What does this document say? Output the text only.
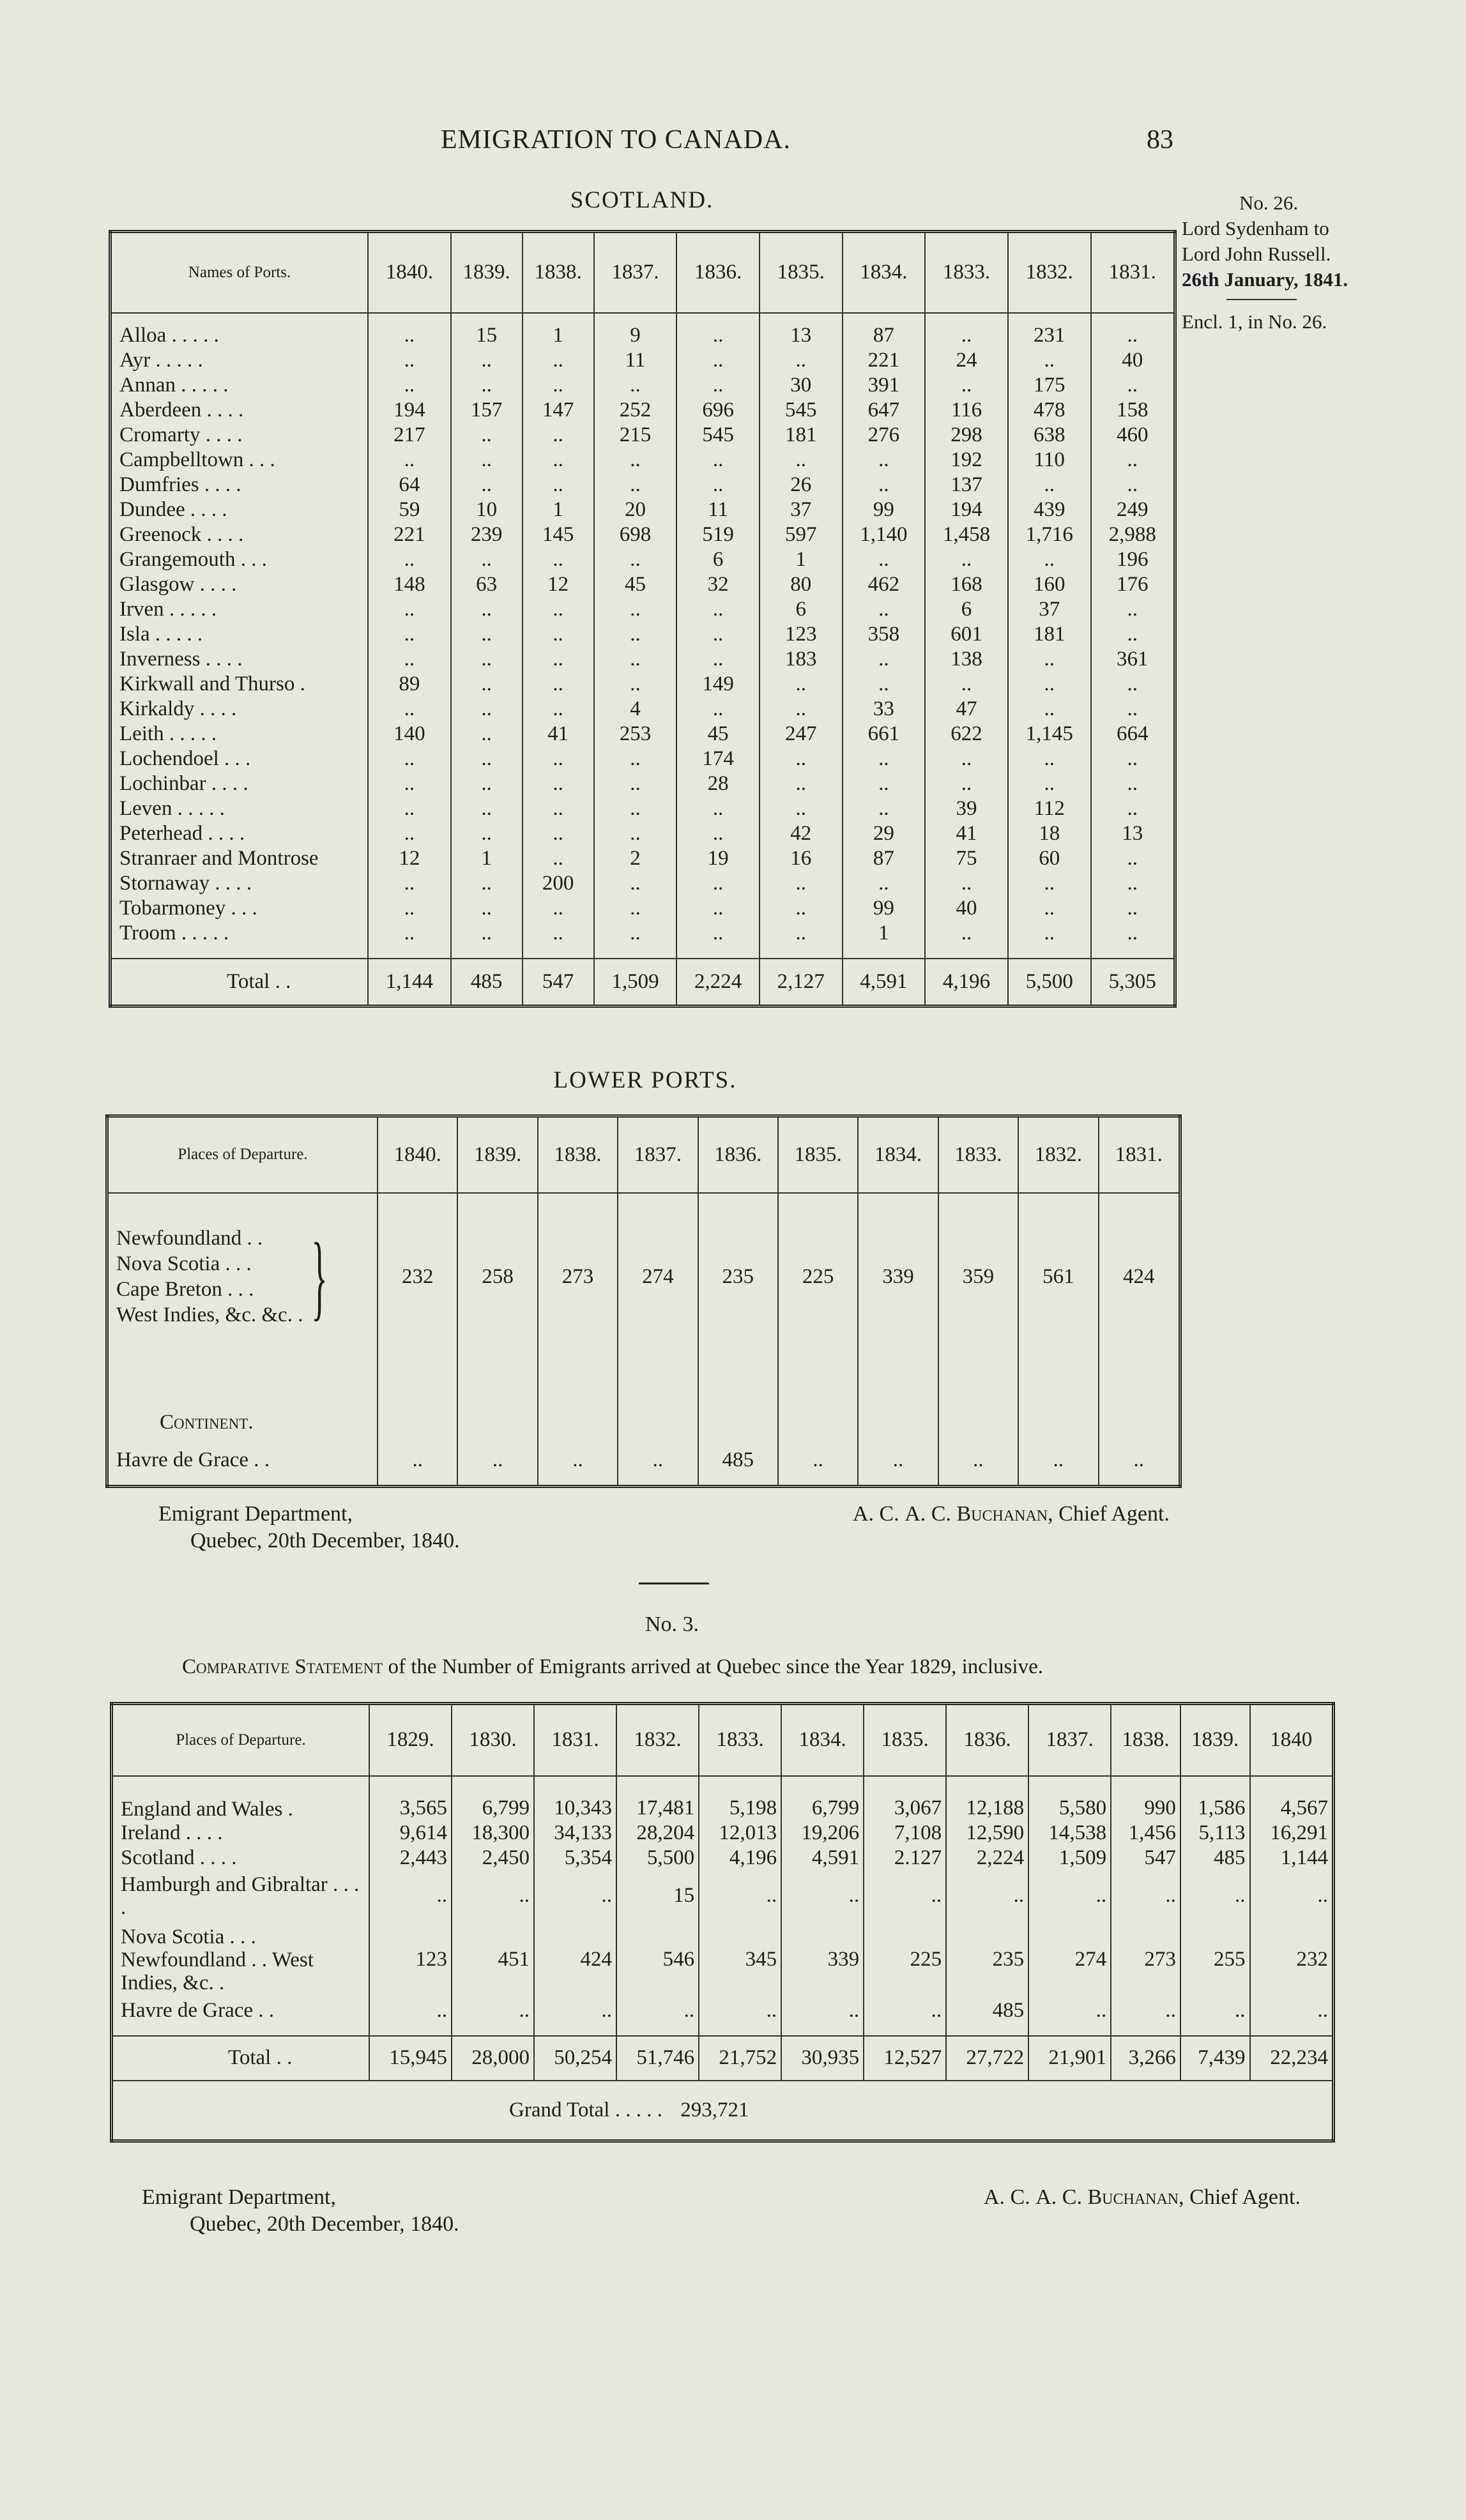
EMIGRATION TO CANADA.	83
No. 26.
Lord Sydenham to
Lord John Russell.
26th January, 1841.
Encl. 1, in No. 26.
SCOTLAND.
Names of Ports.	1840.	1839.	1838.	1837.	1836.	1835.	1834.	1833.	1832.	1831.
Alloa . . . . .	..	15	1	9	..	13	87	..	231	..
Ayr . . . . .	..	..	..	11	..	..	221	24	..	40
Annan . . . . .	..	..	..	..	..	30	391	..	175	..
Aberdeen . . . .	194	157	147	252	696	545	647	116	478	158
Cromarty . . . .	217	..	..	215	545	181	276	298	638	460
Campbelltown . . .	..	..	..	..	..	..	..	192	110	..
Dumfries . . . .	64	..	..	..	..	26	..	137	..	..
Dundee . . . .	59	10	1	20	11	37	99	194	439	249
Greenock . . . .	221	239	145	698	519	597	1,140	1,458	1,716	2,988
Grangemouth . . .	..	..	..	..	6	1	..	..	..	196
Glasgow . . . .	148	63	12	45	32	80	462	168	160	176
Irven . . . . .	..	..	..	..	..	6	..	6	37	..
Isla . . . . .	..	..	..	..	..	123	358	601	181	..
Inverness . . . .	..	..	..	..	..	183	..	138	..	361
Kirkwall and Thurso .	89	..	..	..	149	..	..	..	..	..
Kirkaldy . . . .	..	..	..	4	..	..	33	47	..	..
Leith . . . . .	140	..	41	253	45	247	661	622	1,145	664
Lochendoel . . .	..	..	..	..	174	..	..	..	..	..
Lochinbar . . . .	..	..	..	..	28	..	..	..	..	..
Leven . . . . .	..	..	..	..	..	..	..	39	112	..
Peterhead . . . .	..	..	..	..	..	42	29	41	18	13
Stranraer and Montrose	12	1	..	2	19	16	87	75	60	..
Stornaway . . . .	..	..	200	..	..	..	..	..	..	..
Tobarmoney . . .	..	..	..	..	..	..	99	40	..	..
Troom . . . . .	..	..	..	..	..	..	1	..	..	..

Total . .	1,144	485	547	1,509	2,224	2,127	4,591	4,196	5,500	5,305
LOWER PORTS.
Places of Departure.	1840.	1839.	1838.	1837.	1836.	1835.	1834.	1833.	1832.	1831.

Newfoundland . .
Nova Scotia . . .
Cape Breton . . .
West Indies, &c. &c. . }	232	258	273	274	235	225	339	359	561	424
Continent.										
Havre de Grace . .	..	..	..	..	485	..	..	..	..	..
Emigrant Department,
Quebec, 20th December, 1840.
A. C. A. C. Buchanan, Chief Agent.
No. 3.
Comparative Statement of the Number of Emigrants arrived at Quebec since the Year 1829, inclusive.
Places of Departure.	1829.	1830.	1831.	1832.	1833.	1834.	1835.	1836.	1837.	1838.	1839.	1840
England and Wales .	3,565	6,799	10,343	17,481	5,198	6,799	3,067	12,188	5,580	990	1,586	4,567
Ireland . . . .	9,614	18,300	34,133	28,204	12,013	19,206	7,108	12,590	14,538	1,456	5,113	16,291
Scotland . . . .	2,443	2,450	5,354	5,500	4,196	4,591	2.127	2,224	1,509	547	485	1,144
Hamburgh and Gibraltar . . . .	..	..	..	15	..	..	..	..	..	..	..	..
Nova Scotia . . . Newfoundland . . West Indies, &c. .	123	451	424	546	345	339	225	235	274	273	255	232
Havre de Grace . .	..	..	..	..	..	..	..	485	..	..	..	..

Total . .	15,945	28,000	50,254	51,746	21,752	30,935	12,527	27,722	21,901	3,266	7,439	22,234
Grand Total . . . . . 293,721												
Emigrant Department,
Quebec, 20th December, 1840.
A. C. A. C. Buchanan, Chief Agent.
